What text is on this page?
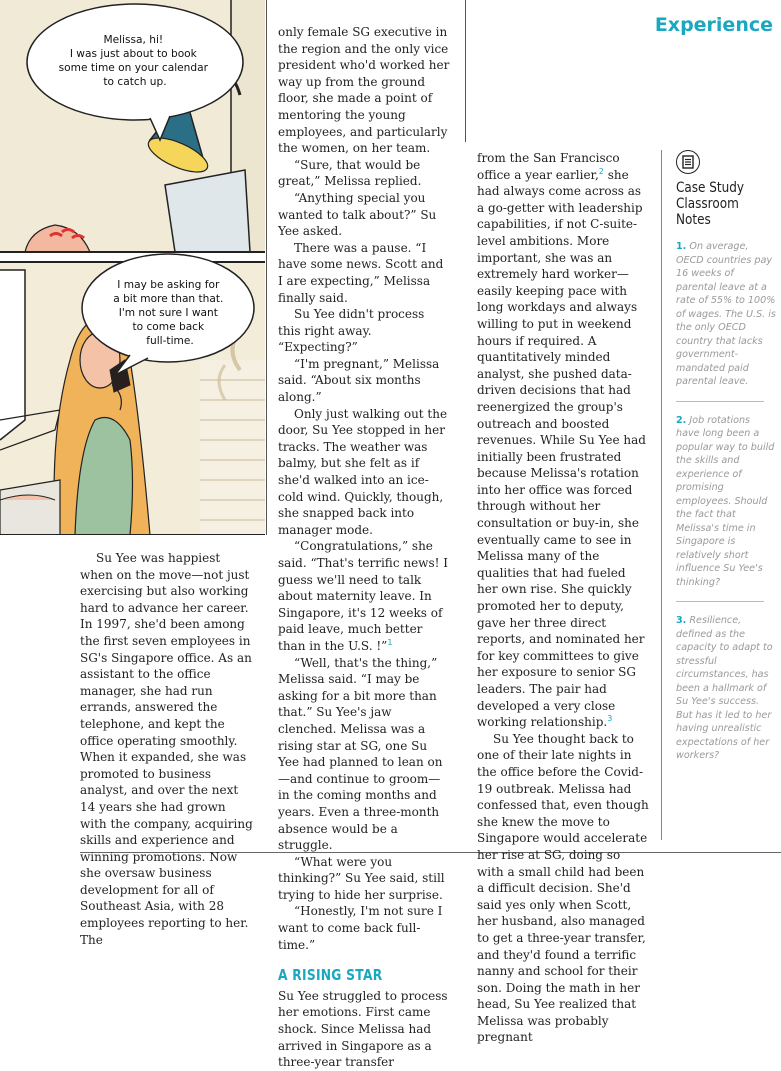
Melissa, hi! I was just about to book some time on your calendar to catch up.
I may be asking for a bit more than that. I'm not sure I want to come back full-time.
Experience

Su Yee was happiest when on the move—not just exercising but also working hard to advance her career. In 1997, she'd been among the first seven employees in SG's Singapore office. As an assistant to the office manager, she had run errands, answered the telephone, and kept the office operating smoothly. When it expanded, she was promoted to business analyst, and over the next 14 years she had grown with the company, acquiring skills and experience and winning promotions. Now she oversaw business development for all of Southeast Asia, with 28 employees reporting to her. The

only female SG executive in the region and the only vice president who'd worked her way up from the ground floor, she made a point of mentoring the young employees, and particularly the women, on her team.

“Sure, that would be great,” Melissa replied.

“Anything special you wanted to talk about?” Su Yee asked.

There was a pause. “I have some news. Scott and I are expecting,” Melissa finally said.

Su Yee didn't process this right away. “Expecting?”

“I'm pregnant,” Melissa said. “About six months along.”

Only just walking out the door, Su Yee stopped in her tracks. The weather was balmy, but she felt as if she'd walked into an ice-cold wind. Quickly, though, she snapped back into manager mode.

“Congratulations,” she said. “That's terrific news! I guess we'll need to talk about maternity leave. In Singapore, it's 12 weeks of paid leave, much better than in the U.S. !”$^1$

“Well, that's the thing,” Melissa said. “I may be asking for a bit more than that.” Su Yee's jaw clenched. Melissa was a rising star at SG, one Su Yee had planned to lean on—and continue to groom—in the coming months and years. Even a three-month absence would be a struggle.

“What were you thinking?” Su Yee said, still trying to hide her surprise.

“Honestly, I'm not sure I want to come back full-time.”

A RISING STAR

Su Yee struggled to process her emotions. First came shock. Since Melissa had arrived in Singapore as a three-year transfer

from the San Francisco office a year earlier,$^2$ she had always come across as a go-getter with leadership capabilities, if not C-suite-level ambitions. More important, she was an extremely hard worker—easily keeping pace with long workdays and always willing to put in weekend hours if required. A quantitatively minded analyst, she pushed data-driven decisions that had reenergized the group's outreach and boosted revenues. While Su Yee had initially been frustrated because Melissa's rotation into her office was forced through without her consultation or buy-in, she eventually came to see in Melissa many of the qualities that had fueled her own rise. She quickly promoted her to deputy, gave her three direct reports, and nominated her for key committees to give her exposure to senior SG leaders. The pair had developed a very close working relationship.$^3$

Su Yee thought back to one of their late nights in the office before the Covid-19 outbreak. Melissa had confessed that, even though she knew the move to Singapore would accelerate her rise at SG, doing so with a small child had been a difficult decision. She'd said yes only when Scott, her husband, also managed to get a three-year transfer, and they'd found a terrific nanny and school for their son. Doing the math in her head, Su Yee realized that Melissa was probably pregnant

Case Study Classroom Notes
1. On average, OECD countries pay 16 weeks of parental leave at a rate of 55% to 100% of wages. The U.S. is the only OECD country that lacks government-mandated paid parental leave.
2. Job rotations have long been a popular way to build the skills and experience of promising employees. Should the fact that Melissa's time in Singapore is relatively short influence Su Yee's thinking?
3. Resilience, defined as the capacity to adapt to stressful circumstances, has been a hallmark of Su Yee's success. But has it led to her having unrealistic expectations of her workers?
